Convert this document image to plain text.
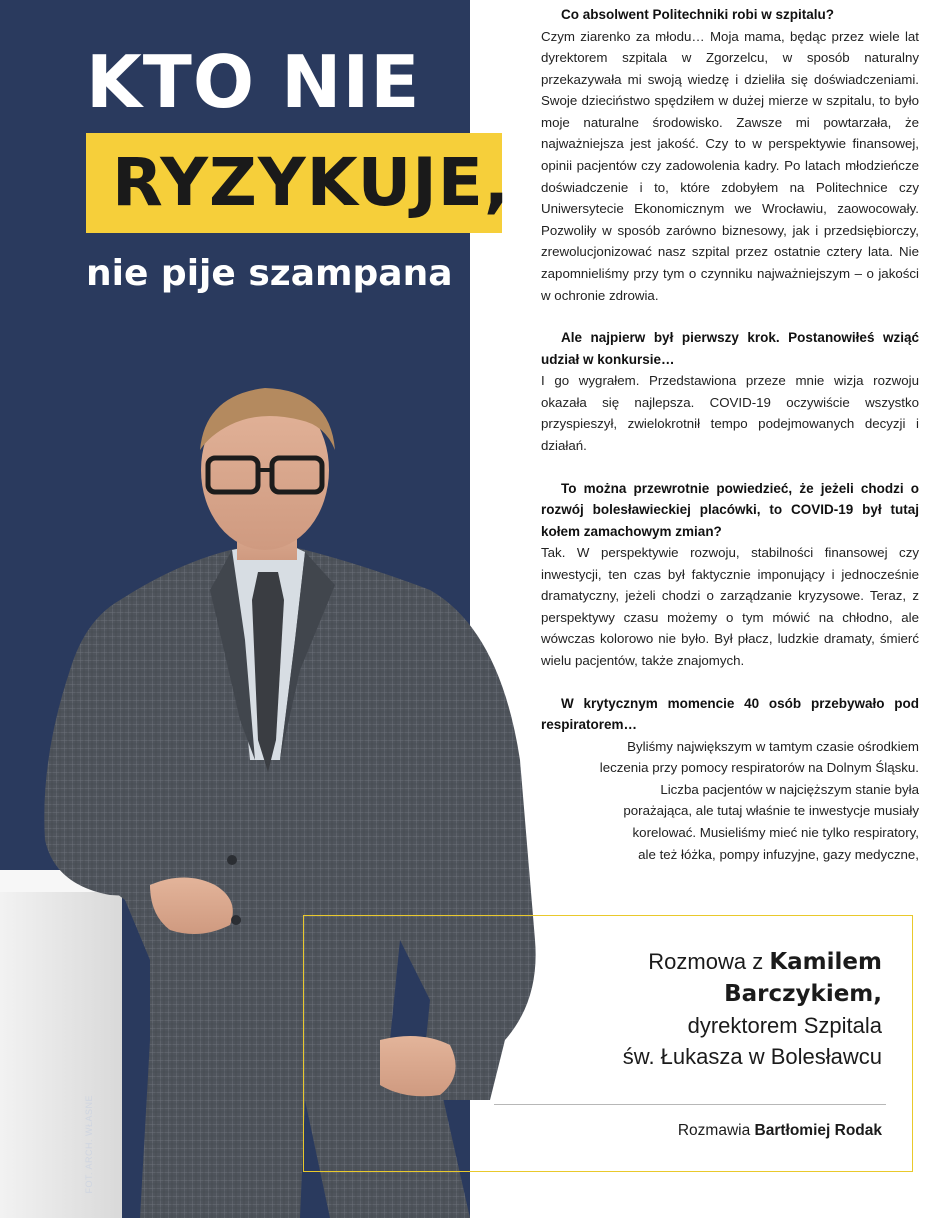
KTO NIE
RYZYKUJE,
nie pije szampana
FOT. ARCH. WŁASNE

Co absolwent Politechniki robi w szpitalu?

Czym ziarenko za młodu… Moja mama, będąc przez wiele lat dyrektorem szpitala w Zgorzelcu, w sposób naturalny przekazywała mi swoją wiedzę i dzieliła się doświadczeniami. Swoje dzieciństwo spędziłem w dużej mierze w szpitalu, to było moje naturalne środowisko. Zawsze mi powtarzała, że najważniejsza jest jakość. Czy to w perspektywie finansowej, opinii pacjentów czy zadowolenia kadry. Po latach młodzieńcze doświadczenie i to, które zdobyłem na Politechnice czy Uniwersytecie Ekonomicznym we Wrocławiu, zaowocowały. Pozwoliły w sposób zarówno biznesowy, jak i przedsiębiorczy, zrewolucjonizować nasz szpital przez ostatnie cztery lata. Nie zapomnieliśmy przy tym o czynniku najważniejszym – o jakości w ochronie zdrowia.

Ale najpierw był pierwszy krok. Postanowiłeś wziąć udział w konkursie…

I go wygrałem. Przedstawiona przeze mnie wizja rozwoju okazała się najlepsza. COVID-19 oczywiście wszystko przyspieszył, zwielokrotnił tempo podejmowanych decyzji i działań.

To można przewrotnie powiedzieć, że jeżeli chodzi o rozwój bolesławieckiej placówki, to COVID-19 był tutaj kołem zamachowym zmian?

Tak. W perspektywie rozwoju, stabilności finansowej czy inwestycji, ten czas był faktycznie imponujący i jednocześnie dramatyczny, jeżeli chodzi o zarządzanie kryzysowe. Teraz, z perspektywy czasu możemy o tym mówić na chłodno, ale wówczas kolorowo nie było. Był płacz, ludzkie dramaty, śmierć wielu pacjentów, także znajomych.

W krytycznym momencie 40 osób przebywało pod respiratorem…

Byliśmy największym w tamtym czasie ośrodkiem
leczenia przy pomocy respiratorów na Dolnym Śląsku.
Liczba pacjentów w najcięższym stanie była
porażająca, ale tutaj właśnie te inwestycje musiały
korelować. Musieliśmy mieć nie tylko respiratory,
ale też łóżka, pompy infuzyjne, gazy medyczne,
Rozmowa z Kamilem
Barczykiem,
dyrektorem Szpitala
św. Łukasza w Bolesławcu
Rozmawia Bartłomiej Rodak
